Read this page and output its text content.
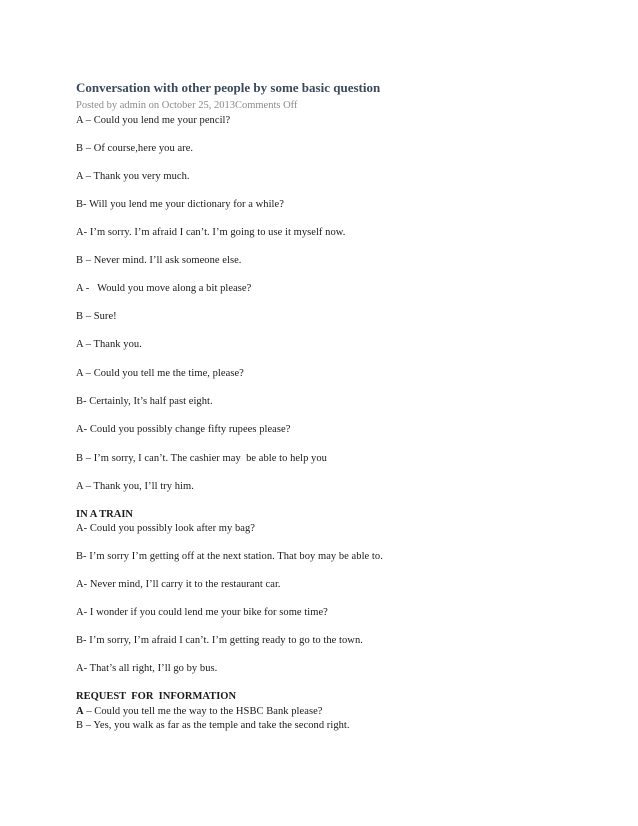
Conversation with other people by some basic question
Posted by admin on October 25, 2013Comments Off
A – Could you lend me your pencil?
B – Of course,here you are.
A – Thank you very much.
B- Will you lend me your dictionary for a while?
A- I’m sorry. I’m afraid I can’t. I’m going to use it myself now.
B – Never mind. I’ll ask someone else.
A -   Would you move along a bit please?
B – Sure!
A – Thank you.
A – Could you tell me the time, please?
B- Certainly, It’s half past eight.
A- Could you possibly change fifty rupees please?
B – I’m sorry, I can’t. The cashier may  be able to help you
A – Thank you, I’ll try him.
IN A TRAIN
A- Could you possibly look after my bag?
B- I’m sorry I’m getting off at the next station. That boy may be able to.
A- Never mind, I’ll carry it to the restaurant car.
A- I wonder if you could lend me your bike for some time?
B- I’m sorry, I’m afraid I can’t. I’m getting ready to go to the town.
A- That’s all right, I’ll go by bus.
REQUEST  FOR  INFORMATION
A – Could you tell me the way to the HSBC Bank please?
B – Yes, you walk as far as the temple and take the second right.
